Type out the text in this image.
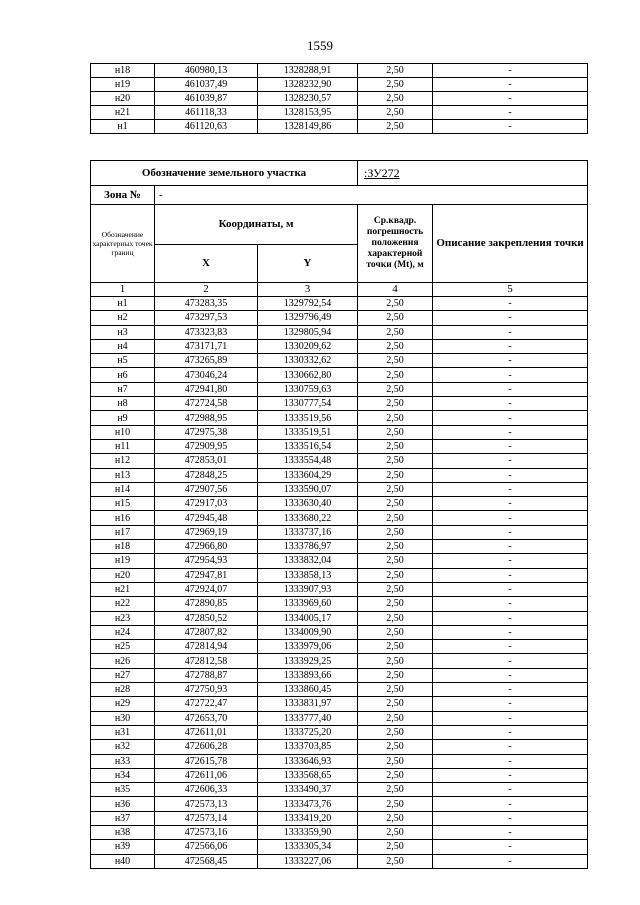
1559
н18	460980,13	1328288,91	2,50	-
н19	461037,49	1328232,90	2,50	-
н20	461039,87	1328230,57	2,50	-
н21	461118,33	1328153,95	2,50	-
н1	461120,63	1328149,86	2,50	-
Обозначение земельного участка			:ЗУ272	
Зона №	-			
Обозначение характерных точек границ	Координаты, м		Ср.квадр. погрешность положения характерной точки (Mt), м	Описание закрепления точки
	X	Y		
1	2	3	4	5
н1	473283,35	1329792,54	2,50	-
н2	473297,53	1329796,49	2,50	-
н3	473323,83	1329805,94	2,50	-
н4	473171,71	1330209,62	2,50	-
н5	473265,89	1330332,62	2,50	-
н6	473046,24	1330662,80	2,50	-
н7	472941,80	1330759,63	2,50	-
н8	472724,58	1330777,54	2,50	-
н9	472988,95	1333519,56	2,50	-
н10	472975,38	1333519,51	2,50	-
н11	472909,95	1333516,54	2,50	-
н12	472853,01	1333554,48	2,50	-
н13	472848,25	1333604,29	2,50	-
н14	472907,56	1333590,07	2,50	-
н15	472917,03	1333630,40	2,50	-
н16	472945,48	1333680,22	2,50	-
н17	472969,19	1333737,16	2,50	-
н18	472966,80	1333786,97	2,50	-
н19	472954,93	1333832,04	2,50	-
н20	472947,81	1333858,13	2,50	-
н21	472924,07	1333907,93	2,50	-
н22	472890,85	1333969,60	2,50	-
н23	472850,52	1334005,17	2,50	-
н24	472807,82	1334009,90	2,50	-
н25	472814,94	1333979,06	2,50	-
н26	472812,58	1333929,25	2,50	-
н27	472788,87	1333893,66	2,50	-
н28	472750,93	1333860,45	2,50	-
н29	472722,47	1333831,97	2,50	-
н30	472653,70	1333777,40	2,50	-
н31	472611,01	1333725,20	2,50	-
н32	472606,28	1333703,85	2,50	-
н33	472615,78	1333646,93	2,50	-
н34	472611,06	1333568,65	2,50	-
н35	472606,33	1333490,37	2,50	-
н36	472573,13	1333473,76	2,50	-
н37	472573,14	1333419,20	2,50	-
н38	472573,16	1333359,90	2,50	-
н39	472566,06	1333305,34	2,50	-
н40	472568,45	1333227,06	2,50	-
